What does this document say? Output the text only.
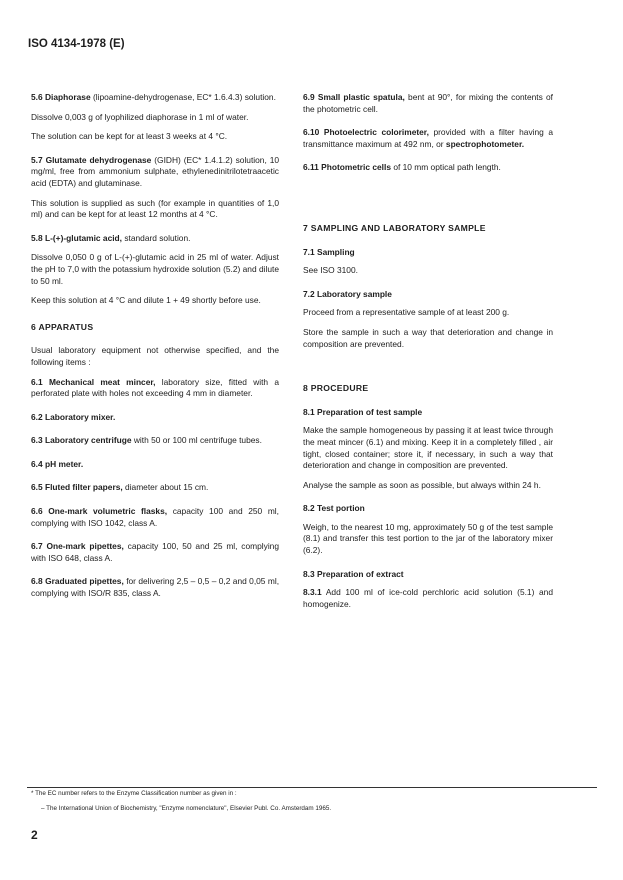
ISO 4134-1978 (E)

5.6 Diaphorase (lipoamine-dehydrogenase, EC* 1.6.4.3) solution.

Dissolve 0,003 g of lyophilized diaphorase in 1 ml of water.

The solution can be kept for at least 3 weeks at 4 °C.

5.7 Glutamate dehydrogenase (GIDH) (EC* 1.4.1.2) solution, 10 mg/ml, free from ammonium sulphate, ethylenedinitrilotetraacetic acid (EDTA) and glutaminase.

This solution is supplied as such (for example in quantities of 1,0 ml) and can be kept for at least 12 months at 4 °C.

5.8 L-(+)-glutamic acid, standard solution.

Dissolve 0,050 0 g of L-(+)-glutamic acid in 25 ml of water. Adjust the pH to 7,0 with the potassium hydroxide solution (5.2) and dilute to 50 ml.

Keep this solution at 4 °C and dilute 1 + 49 shortly before use.

6 APPARATUS

Usual laboratory equipment not otherwise specified, and the following items :

6.1 Mechanical meat mincer, laboratory size, fitted with a perforated plate with holes not exceeding 4 mm in diameter.

6.2 Laboratory mixer.

6.3 Laboratory centrifuge with 50 or 100 ml centrifuge tubes.

6.4 pH meter.

6.5 Fluted filter papers, diameter about 15 cm.

6.6 One-mark volumetric flasks, capacity 100 and 250 ml, complying with ISO 1042, class A.

6.7 One-mark pipettes, capacity 100, 50 and 25 ml, complying with ISO 648, class A.

6.8 Graduated pipettes, for delivering 2,5 – 0,5 – 0,2 and 0,05 ml, complying with ISO/R 835, class A.

6.9 Small plastic spatula, bent at 90°, for mixing the contents of the photometric cell.

6.10 Photoelectric colorimeter, provided with a filter having a transmittance maximum at 492 nm, or spectrophotometer.

6.11 Photometric cells of 10 mm optical path length.

7 SAMPLING AND LABORATORY SAMPLE
7.1 Sampling

See ISO 3100.

7.2 Laboratory sample

Proceed from a representative sample of at least 200 g.

Store the sample in such a way that deterioration and change in composition are prevented.

8 PROCEDURE
8.1 Preparation of test sample

Make the sample homogeneous by passing it at least twice through the meat mincer (6.1) and mixing. Keep it in a completely filled , air tight, closed container; store it, if necessary, in such a way that deterioration and change in composition are prevented.

Analyse the sample as soon as possible, but always within 24 h.

8.2 Test portion

Weigh, to the nearest 10 mg, approximately 50 g of the test sample (8.1) and transfer this test portion to the jar of the laboratory mixer (6.2).

8.3 Preparation of extract

8.3.1 Add 100 ml of ice-cold perchloric acid solution (5.1) and homogenize.

* The EC number refers to the Enzyme Classification number as given in :
– The International Union of Biochemistry, "Enzyme nomenclature", Elsevier Publ. Co. Amsterdam 1965.
2
